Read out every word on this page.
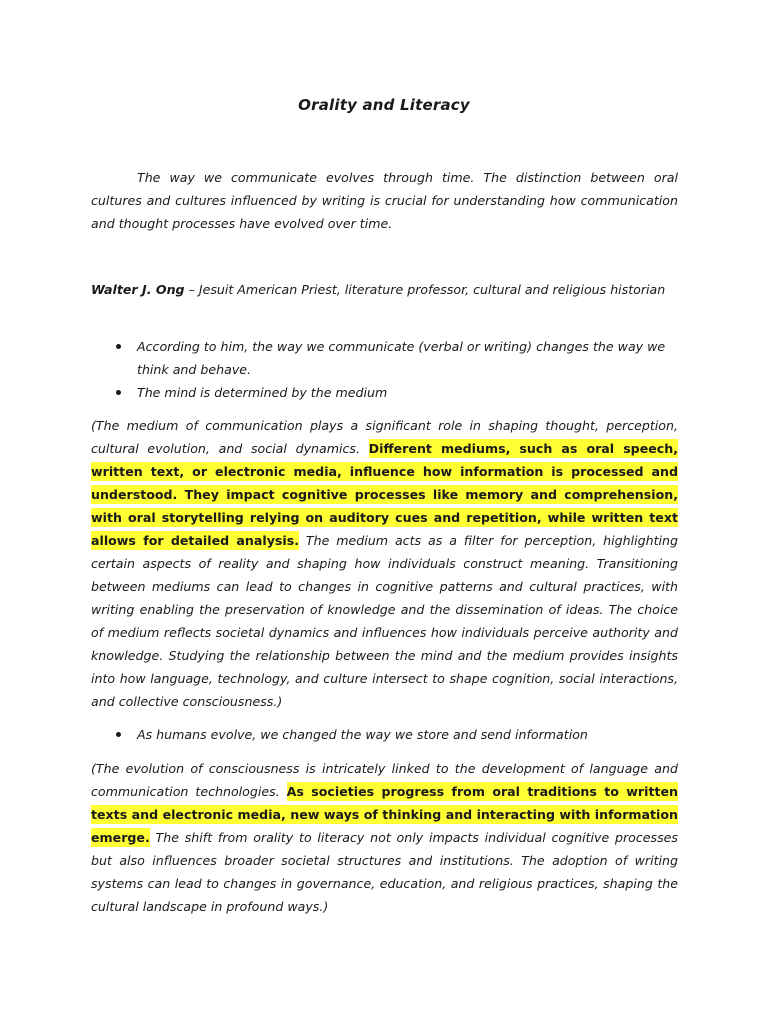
Orality and Literacy

The way we communicate evolves through time. The distinction between oral cultures and cultures influenced by writing is crucial for understanding how communication and thought processes have evolved over time.

Walter J. Ong – Jesuit American Priest, literature professor, cultural and religious historian

According to him, the way we communicate (verbal or writing) changes the way we think and behave.
The mind is determined by the medium

(The medium of communication plays a significant role in shaping thought, perception, cultural evolution, and social dynamics. Different mediums, such as oral speech, written text, or electronic media, influence how information is processed and understood. They impact cognitive processes like memory and comprehension, with oral storytelling relying on auditory cues and repetition, while written text allows for detailed analysis. The medium acts as a filter for perception, highlighting certain aspects of reality and shaping how individuals construct meaning. Transitioning between mediums can lead to changes in cognitive patterns and cultural practices, with writing enabling the preservation of knowledge and the dissemination of ideas. The choice of medium reflects societal dynamics and influences how individuals perceive authority and knowledge. Studying the relationship between the mind and the medium provides insights into how language, technology, and culture intersect to shape cognition, social interactions, and collective consciousness.)

As humans evolve, we changed the way we store and send information

(The evolution of consciousness is intricately linked to the development of language and communication technologies. As societies progress from oral traditions to written texts and electronic media, new ways of thinking and interacting with information emerge. The shift from orality to literacy not only impacts individual cognitive processes but also influences broader societal structures and institutions. The adoption of writing systems can lead to changes in governance, education, and religious practices, shaping the cultural landscape in profound ways.)
